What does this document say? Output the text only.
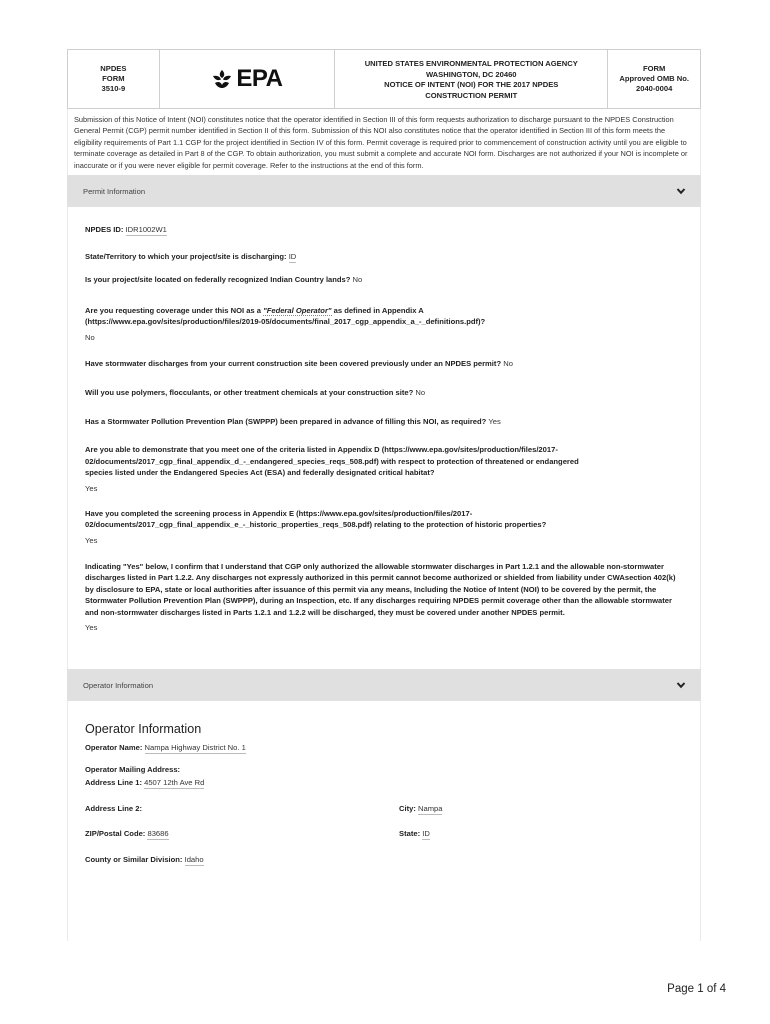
NPDES
FORM
3510-9	EPA
UNITED STATES ENVIRONMENTAL PROTECTION AGENCY
WASHINGTON, DC 20460
NOTICE OF INTENT (NOI) FOR THE 2017 NPDES
CONSTRUCTION PERMIT
FORM
Approved OMB No.
2040-0004

Submission of this Notice of Intent (NOI) constitutes notice that the operator identified in Section III of this form requests authorization to discharge pursuant to the NPDES Construction General Permit (CGP) permit number identified in Section II of this form. Submission of this NOI also constitutes notice that the operator identified in Section III of this form meets the eligibility requirements of Part 1.1 CGP for the project identified in Section IV of this form. Permit coverage is required prior to commencement of construction activity until you are eligible to terminate coverage as detailed in Part 8 of the CGP. To obtain authorization, you must submit a complete and accurate NOI form. Discharges are not authorized if your NOI is incomplete or inaccurate or if you were never eligible for permit coverage. Refer to the instructions at the end of this form.

Permit Information
NPDES ID: IDR1002W1
State/Territory to which your project/site is discharging: ID
Is your project/site located on federally recognized Indian Country lands? No
Are you requesting coverage under this NOI as a "Federal Operator" as defined in Appendix A
(https://www.epa.gov/sites/production/files/2019-05/documents/final_2017_cgp_appendix_a_-_definitions.pdf)?
No
Have stormwater discharges from your current construction site been covered previously under an NPDES permit? No
Will you use polymers, flocculants, or other treatment chemicals at your construction site? No
Has a Stormwater Pollution Prevention Plan (SWPPP) been prepared in advance of filling this NOI, as required? Yes
Are you able to demonstrate that you meet one of the criteria listed in Appendix D (https://www.epa.gov/sites/production/files/2017-
02/documents/2017_cgp_final_appendix_d_-_endangered_species_reqs_508.pdf) with respect to protection of threatened or endangered
species listed under the Endangered Species Act (ESA) and federally designated critical habitat?
Yes
Have you completed the screening process in Appendix E (https://www.epa.gov/sites/production/files/2017-
02/documents/2017_cgp_final_appendix_e_-_historic_properties_reqs_508.pdf) relating to the protection of historic properties?
Yes
Indicating "Yes" below, I confirm that I understand that CGP only authorized the allowable stormwater discharges in Part 1.2.1 and the allowable non-stormwater discharges listed in Part 1.2.2. Any discharges not expressly authorized in this permit cannot become authorized or shielded from liability under CWAsection 402(k) by disclosure to EPA, state or local authorities after issuance of this permit via any means, Including the Notice of Intent (NOI) to be covered by the permit, the Stormwater Pollution Prevention Plan (SWPPP), during an Inspection, etc. If any discharges requiring NPDES permit coverage other than the allowable stormwater and non-stormwater discharges listed in Parts 1.2.1 and 1.2.2 will be discharged, they must be covered under another NPDES permit.
Yes
Operator Information
Operator Information
Operator Name: Nampa Highway District No. 1
Operator Mailing Address:
Address Line 1: 4507 12th Ave Rd
Address Line 2:	City: Nampa
ZIP/Postal Code: 83686	State: ID
County or Similar Division: Idaho
Page 1 of 4
